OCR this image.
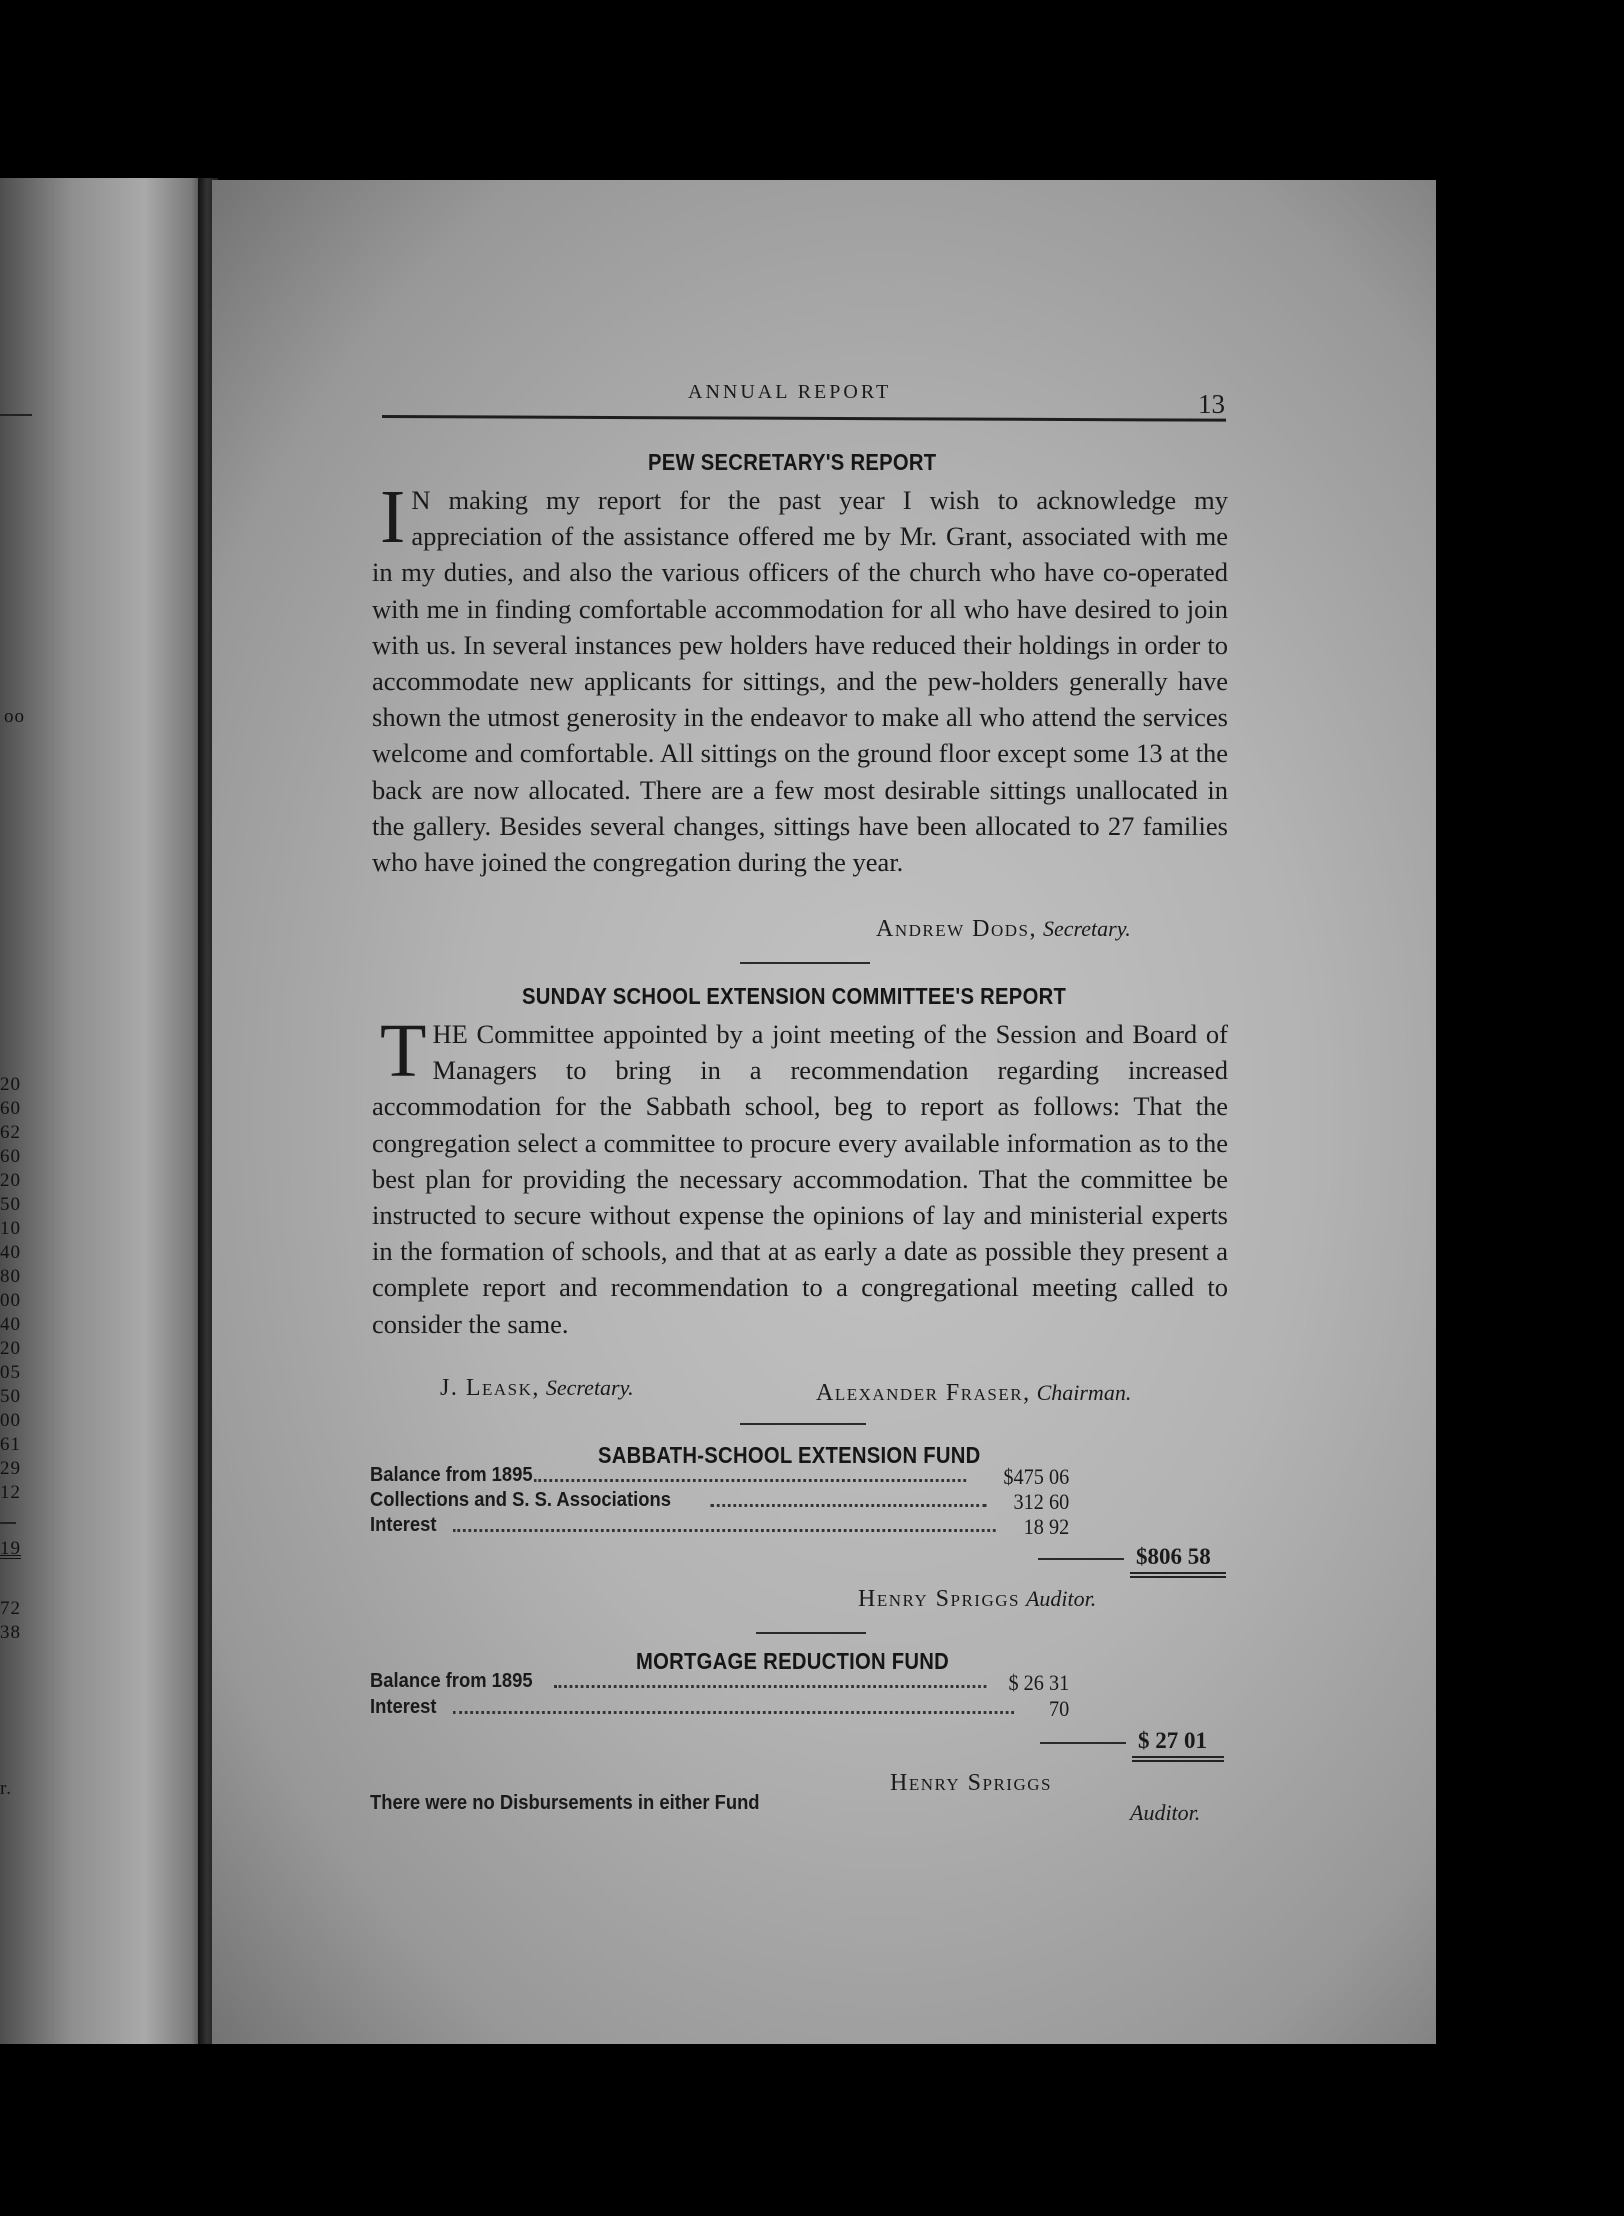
oo
20
60
62
60
20
50
10
40
80
00
40
20
05
50
00
61
29
12
19
72
38
r.
ANNUAL REPORT	13
PEW SECRETARY'S REPORT
I N making my report for the past year I wish to acknowledge my appreciation of the assistance offered me by Mr. Grant, associated with me in my duties, and also the various officers of the church who have co-operated with me in finding comfortable accommodation for all who have desired to join with us. In several instances pew holders have reduced their holdings in order to accommodate new applicants for sittings, and the pew-holders generally have shown the utmost generosity in the endeavor to make all who attend the services welcome and comfortable. All sittings on the ground floor except some 13 at the back are now allocated. There are a few most desirable sittings unallocated in the gallery. Besides several changes, sittings have been allocated to 27 families who have joined the congregation during the year.
Andrew Dods, Secretary.
SUNDAY SCHOOL EXTENSION COMMITTEE'S REPORT
T HE Committee appointed by a joint meeting of the Session and Board of Managers to bring in a recommendation regarding increased accommodation for the Sabbath school, beg to report as follows: That the congregation select a committee to procure every available information as to the best plan for providing the necessary accommodation. That the committee be instructed to secure without expense the opinions of lay and ministerial experts in the formation of schools, and that at as early a date as possible they present a complete report and recommendation to a congregational meeting called to consider the same.
J. Leask, Secretary.	Alexander Fraser, Chairman.
SABBATH-SCHOOL EXTENSION FUND
Balance from 1895	$475 06
Collections and S. S. Associations	312 60
Interest	18 92
$806 58
Henry Spriggs Auditor.
MORTGAGE REDUCTION FUND
Balance from 1895	$ 26 31
Interest	70
$ 27 01
Henry Spriggs
There were no Disbursements in either Fund	Auditor.
